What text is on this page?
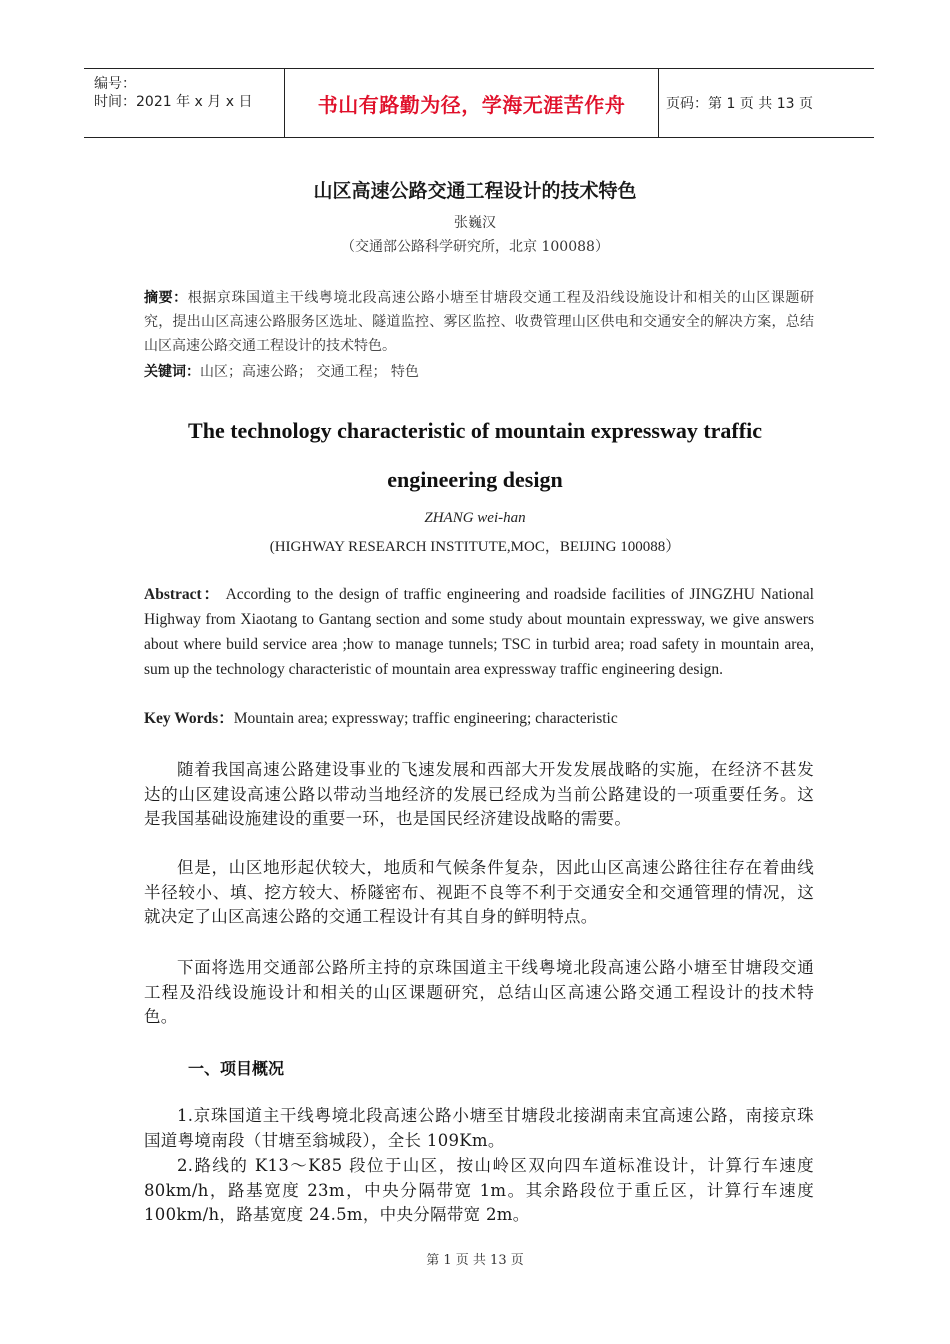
编号：
时间：2021 年 x 月 x 日	书山有路勤为径，学海无涯苦作舟	页码：第 1 页 共 13 页
山区高速公路交通工程设计的技术特色
张巍汉
（交通部公路科学研究所，北京 100088）
摘要：根据京珠国道主干线粤境北段高速公路小塘至甘塘段交通工程及沿线设施设计和相关的山区课题研究，提出山区高速公路服务区选址、隧道监控、雾区监控、收费管理山区供电和交通安全的解决方案，总结山区高速公路交通工程设计的技术特色。
关键词：山区；高速公路； 交通工程； 特色
The technology characteristic of mountain expressway traffic
engineering design
ZHANG wei-han
(HIGHWAY RESEARCH INSTITUTE,MOC，BEIJING 100088）
Abstract： According to the design of traffic engineering and roadside facilities of JINGZHU National Highway from Xiaotang to Gantang section and some study about mountain expressway, we give answers about where build service area ;how to manage tunnels; TSC in turbid area; road safety in mountain area, sum up the technology characteristic of mountain area expressway traffic engineering design.
Key Words：Mountain area; expressway; traffic engineering; characteristic
随着我国高速公路建设事业的飞速发展和西部大开发发展战略的实施，在经济不甚发达的山区建设高速公路以带动当地经济的发展已经成为当前公路建设的一项重要任务。这是我国基础设施建设的重要一环，也是国民经济建设战略的需要。
但是，山区地形起伏较大，地质和气候条件复杂，因此山区高速公路往往存在着曲线半径较小、填、挖方较大、桥隧密布、视距不良等不利于交通安全和交通管理的情况，这就决定了山区高速公路的交通工程设计有其自身的鲜明特点。
下面将选用交通部公路所主持的京珠国道主干线粤境北段高速公路小塘至甘塘段交通工程及沿线设施设计和相关的山区课题研究，总结山区高速公路交通工程设计的技术特色。
一、项目概况
1.京珠国道主干线粤境北段高速公路小塘至甘塘段北接湖南耒宜高速公路，南接京珠国道粤境南段（甘塘至翁城段），全长 109Km。
2.路线的 K13～K85 段位于山区，按山岭区双向四车道标准设计，计算行车速度 80km/h，路基宽度 23m，中央分隔带宽 1m。其余路段位于重丘区，计算行车速度 100km/h，路基宽度 24.5m，中央分隔带宽 2m。
第 1 页 共 13 页
